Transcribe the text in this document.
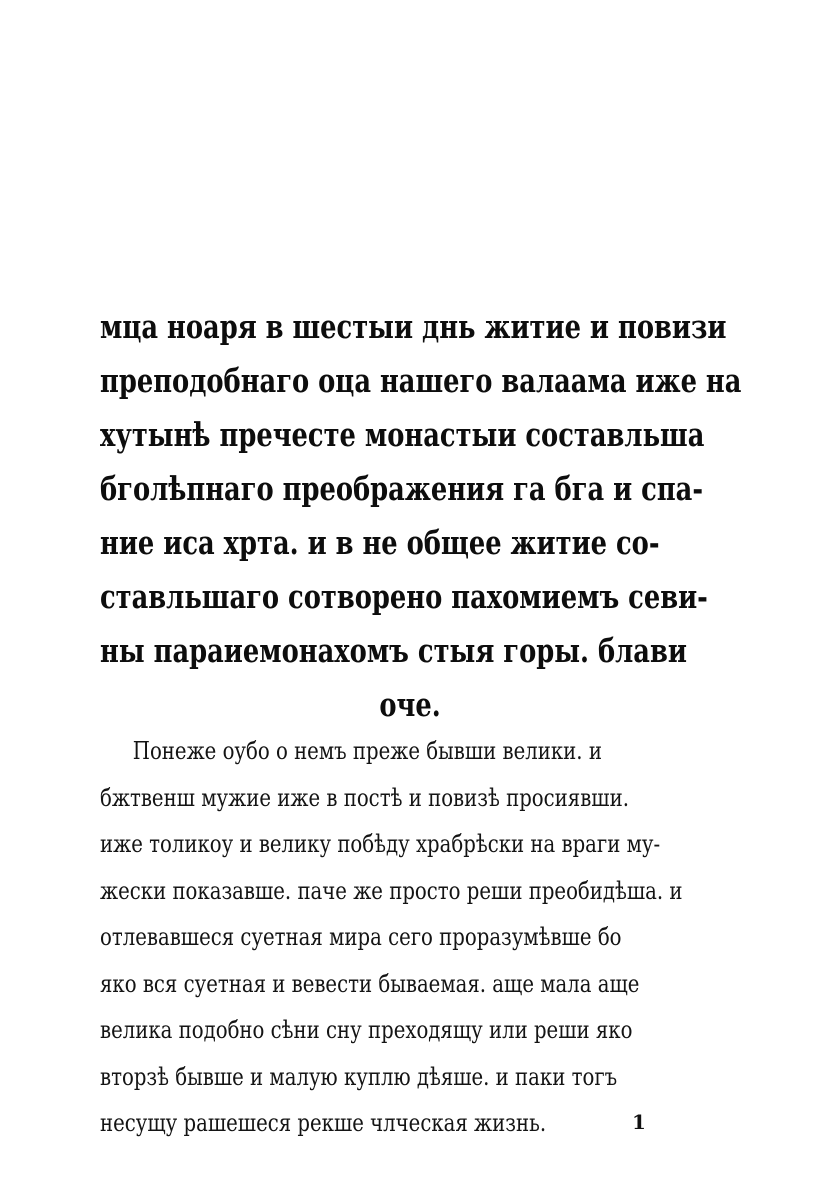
мца ноаря в шестыи днь житие и повизи
преподобнаго оца нашего валаама иже на
хутынѣ пречесте монастыи составльша
бголѣпнаго преображения га бга и спа-
ние иса хрта. и в не общее житие со-
ставльшаго сотворено пахомиемъ севи-
ны параиемонахомъ стыя горы. блави
оче.
Понеже оубо о немъ преже бывши велики. и
бжтвенш мужие иже в постѣ и повизѣ просиявши.
иже толикоу и велику побѣду храбрѣски на враги му-
жески показавше. паче же просто реши преобидѣша. и
отлевавшеся суетная мира сего проразумѣвше бо
яко вся суетная и вевести бываемая. аще мала аще
велика подобно сѣни сну преходящу или реши яко
вторзѣ бывше и малую куплю дѣяше. и паки тогъ
несущу рашешеся рекше члческая жизнь.	1
